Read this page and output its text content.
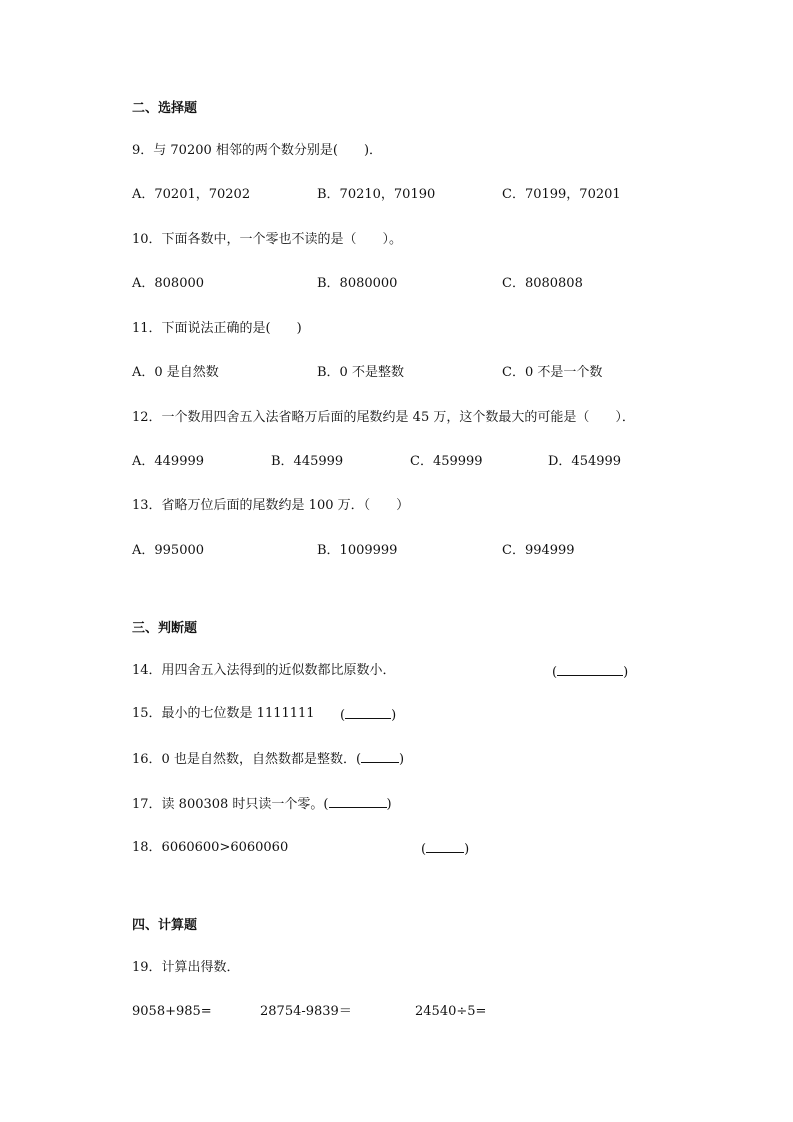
二、选择题
9．与 70200 相邻的两个数分别是(　　)．
A．70201，70202	B．70210，70190	C．70199，70201
10．下面各数中，一个零也不读的是（　　）。
A．808000	B．8080000	C．8080808
11．下面说法正确的是(　　)
A．0 是自然数	B．0 不是整数	C．0 不是一个数
12．一个数用四舍五入法省略万后面的尾数约是 45 万，这个数最大的可能是（　　）．
A．449999	B．445999	C．459999	D．454999
13．省略万位后面的尾数约是 100 万．（　　）
A．995000	B．1009999	C．994999
三、判断题
14．用四舍五入法得到的近似数都比原数小．	(	)
15．最小的七位数是 1111111 (	)
16．0 也是自然数，自然数都是整数．(	)
17．读 800308 时只读一个零。(	)
18．6060600>6060060	(	)
四、计算题
19．计算出得数．
9058+985=	28754-9839＝	24540÷5=
